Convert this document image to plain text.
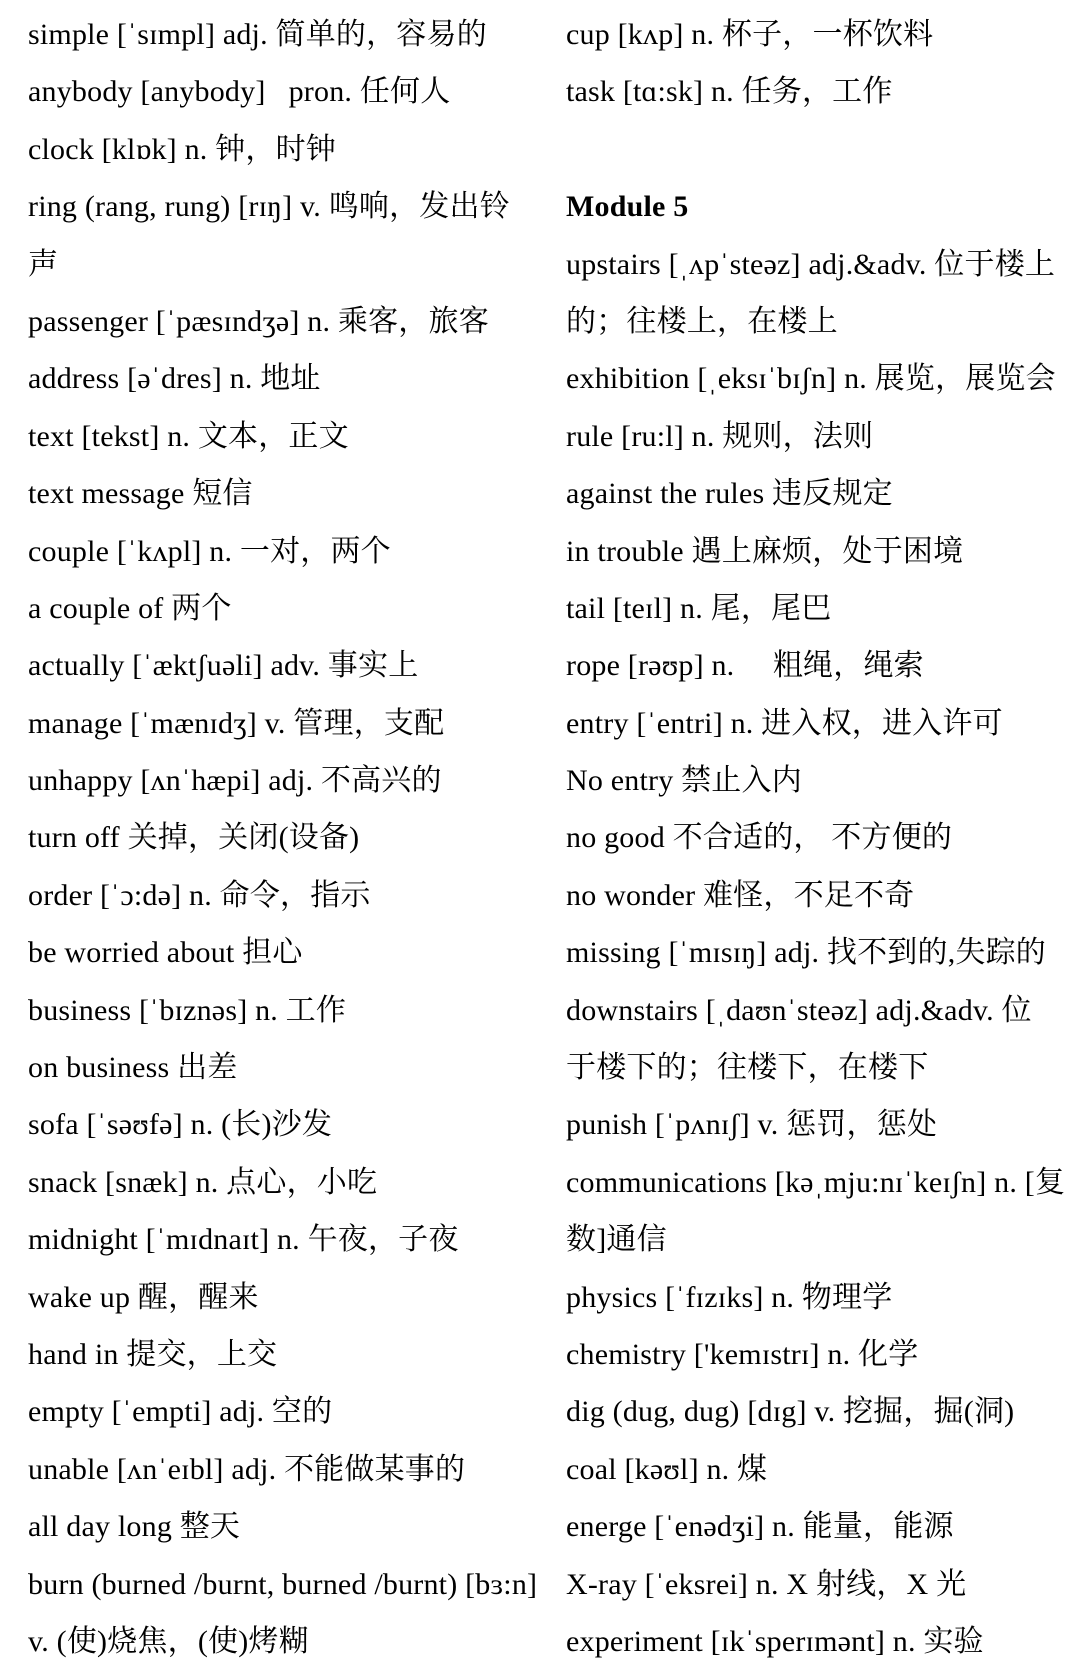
simple [ˈsɪmpl] adj. 简单的，容易的
anybody [anybody]   pron. 任何人
clock [klɒk] n. 钟，时钟
ring (rang, rung) [rɪŋ] v. 鸣响，发出铃
声
passenger [ˈpæsɪndʒə] n. 乘客，旅客
address [əˈdres] n. 地址
text [tekst] n. 文本，正文
text message 短信
couple [ˈkʌpl] n. 一对，两个
a couple of 两个
actually [ˈæktʃuəli] adv. 事实上
manage [ˈmænɪdʒ] v. 管理，支配
unhappy [ʌnˈhæpi] adj. 不高兴的
turn off 关掉，关闭(设备)
order [ˈɔ:də] n. 命令，指示
be worried about 担心
business [ˈbɪznəs] n. 工作
on business 出差
sofa [ˈsəʊfə] n. (长)沙发
snack [snæk] n. 点心，小吃
midnight [ˈmɪdnaɪt] n. 午夜，子夜
wake up 醒，醒来
hand in 提交，上交
empty [ˈempti] adj. 空的
unable [ʌnˈeɪbl] adj. 不能做某事的
all day long 整天
burn (burned /burnt, burned /burnt) [bɜ:n]
v. (使)烧焦，(使)烤糊
cup [kʌp] n. 杯子，一杯饮料
task [tɑ:sk] n. 任务，工作
Module 5
upstairs [ˌʌpˈsteəz] adj.&adv. 位于楼上
的；往楼上，在楼上
exhibition [ˌeksɪˈbɪʃn] n. 展览，展览会
rule [ru:l] n. 规则，法则
against the rules 违反规定
in trouble 遇上麻烦，处于困境
tail [teɪl] n. 尾，尾巴
rope [rəʊp] n.     粗绳，绳索
entry [ˈentri] n. 进入权，进入许可
No entry 禁止入内
no good 不合适的， 不方便的
no wonder 难怪，不足不奇
missing [ˈmɪsɪŋ] adj. 找不到的,失踪的
downstairs [ˌdaʊnˈsteəz] adj.&adv. 位
于楼下的；往楼下，在楼下
punish [ˈpʌnɪʃ] v. 惩罚，惩处
communications [kəˌmju:nɪˈkeɪʃn] n. [复
数]通信
physics [ˈfɪzɪks] n. 物理学
chemistry ['kemɪstrɪ] n. 化学
dig (dug, dug) [dɪg] v. 挖掘，掘(洞)
coal [kəʊl] n. 煤
energe [ˈenədʒi] n. 能量，能源
X-ray [ˈeksrei] n. X 射线，X 光
experiment [ɪkˈsperɪmənt] n. 实验
